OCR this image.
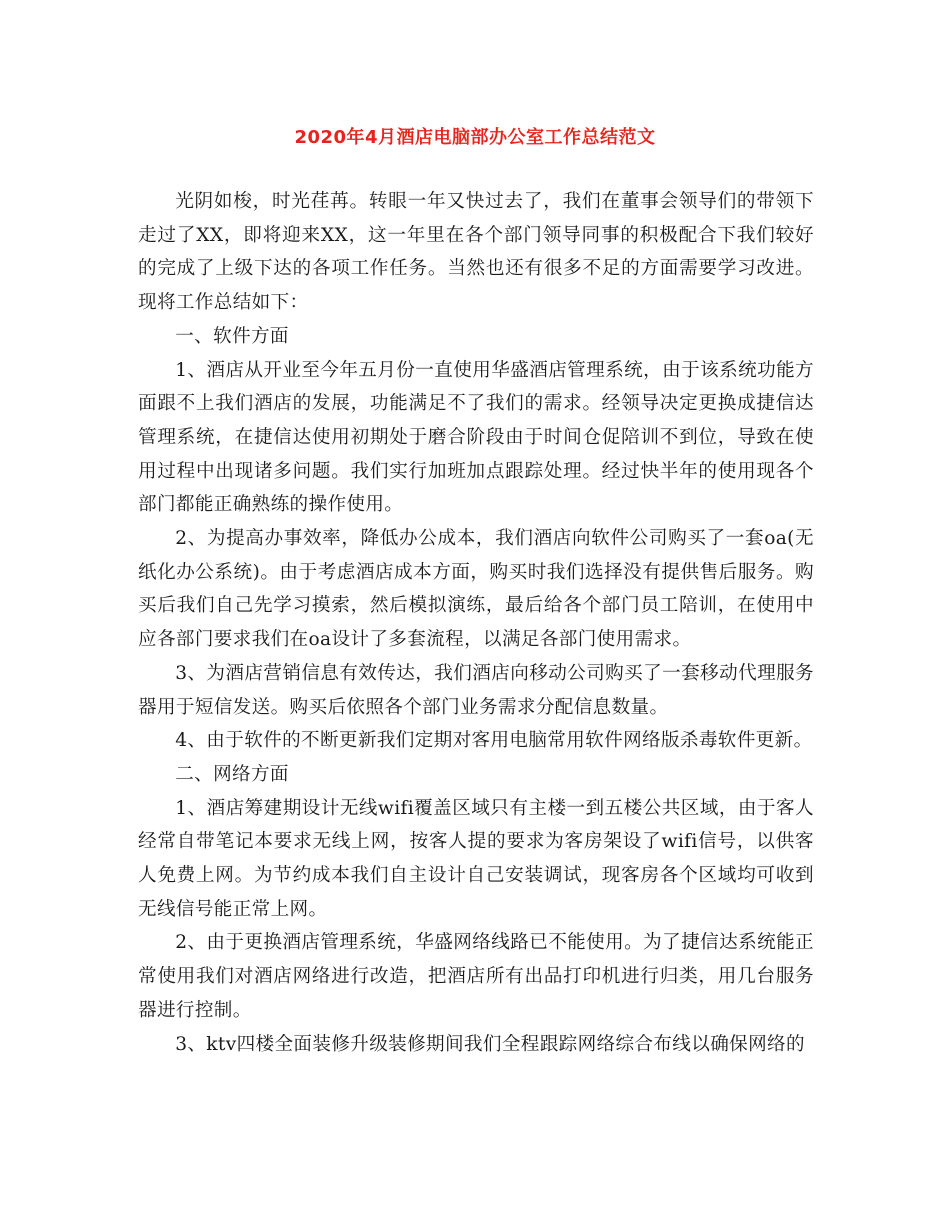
2020年4月酒店电脑部办公室工作总结范文

光阴如梭，时光荏苒。转眼一年又快过去了，我们在董事会领导们的带领下走过了XX，即将迎来XX，这一年里在各个部门领导同事的积极配合下我们较好的完成了上级下达的各项工作任务。当然也还有很多不足的方面需要学习改进。现将工作总结如下：

一、软件方面

1、酒店从开业至今年五月份一直使用华盛酒店管理系统，由于该系统功能方面跟不上我们酒店的发展，功能满足不了我们的需求。经领导决定更换成捷信达管理系统，在捷信达使用初期处于磨合阶段由于时间仓促陪训不到位，导致在使用过程中出现诸多问题。我们实行加班加点跟踪处理。经过快半年的使用现各个部门都能正确熟练的操作使用。

2、为提高办事效率，降低办公成本，我们酒店向软件公司购买了一套oa(无纸化办公系统)。由于考虑酒店成本方面，购买时我们选择没有提供售后服务。购买后我们自己先学习摸索，然后模拟演练，最后给各个部门员工陪训，在使用中应各部门要求我们在oa设计了多套流程，以满足各部门使用需求。

3、为酒店营销信息有效传达，我们酒店向移动公司购买了一套移动代理服务器用于短信发送。购买后依照各个部门业务需求分配信息数量。

4、由于软件的不断更新我们定期对客用电脑常用软件网络版杀毒软件更新。

二、网络方面

1、酒店筹建期设计无线wifi覆盖区域只有主楼一到五楼公共区域，由于客人经常自带笔记本要求无线上网，按客人提的要求为客房架设了wifi信号，以供客人免费上网。为节约成本我们自主设计自己安装调试，现客房各个区域均可收到无线信号能正常上网。

2、由于更换酒店管理系统，华盛网络线路已不能使用。为了捷信达系统能正常使用我们对酒店网络进行改造，把酒店所有出品打印机进行归类，用几台服务器进行控制。

3、ktv四楼全面装修升级装修期间我们全程跟踪网络综合布线以确保网络的
